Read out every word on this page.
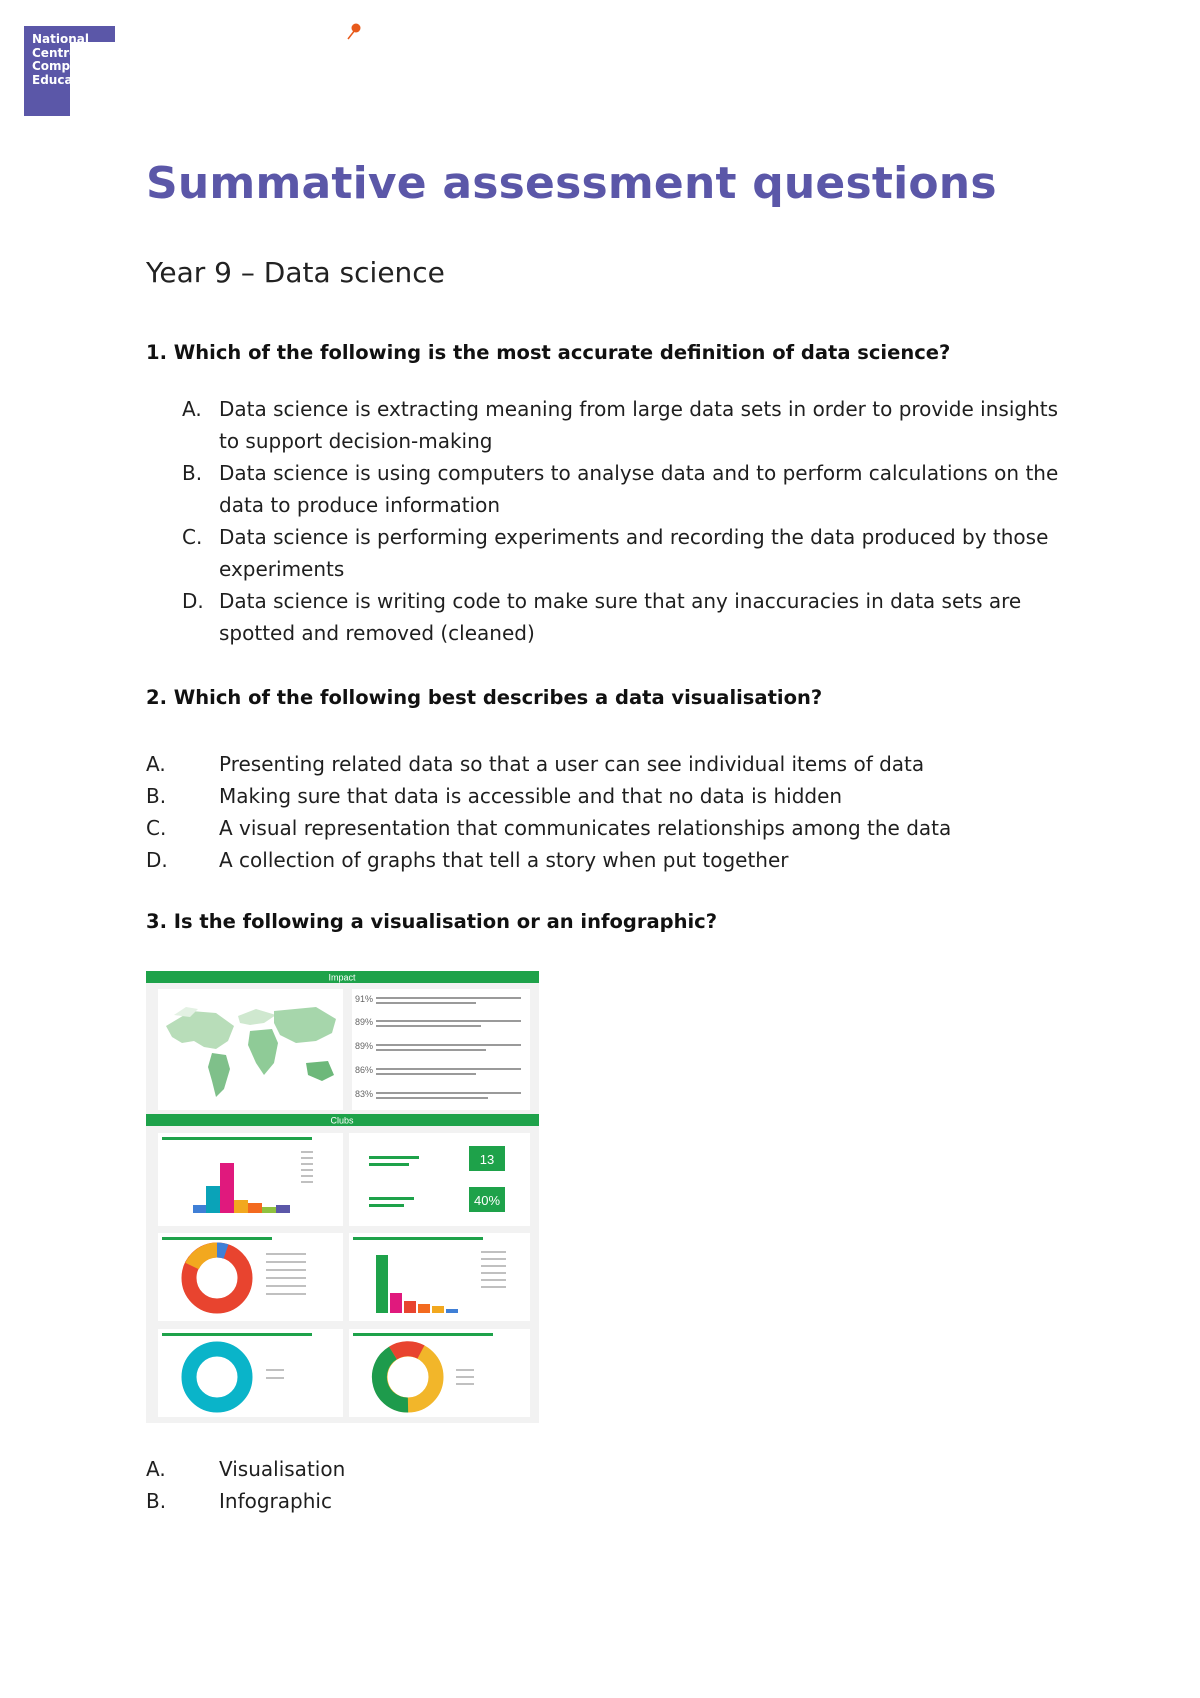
National
Centre for
Computing
Education
Summative assessment questions
Year 9 – Data science

1. Which of the following is the most accurate definition of data science?

A. Data science is extracting meaning from large data sets in order to provide insights to support decision-making
B. Data science is using computers to analyse data and to perform calculations on the data to produce information
C. Data science is performing experiments and recording the data produced by those experiments
D. Data science is writing code to make sure that any inaccuracies in data sets are spotted and removed (cleaned)

2. Which of the following best describes a data visualisation?

A.	Presenting related data so that a user can see individual items of data
B.	Making sure that data is accessible and that no data is hidden
C.	A visual representation that communicates relationships among the data
D.	A collection of graphs that tell a story when put together

3. Is the following a visualisation or an infographic?

Impact
91%
89%
89%
86%
83%
Clubs
13
40%
A.	Visualisation
B.	Infographic
